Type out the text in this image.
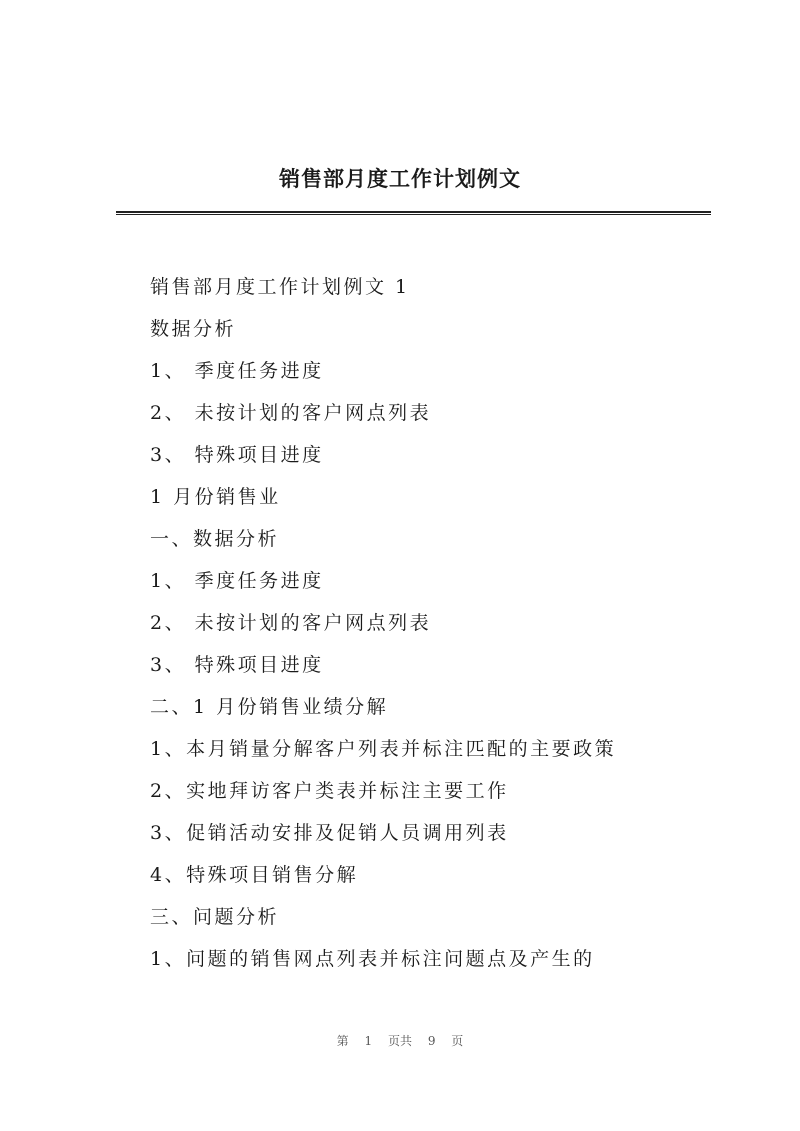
销售部月度工作计划例文
销售部月度工作计划例文 1
数据分析
1、 季度任务进度
2、 未按计划的客户网点列表
3、 特殊项目进度
1 月份销售业
一、数据分析
1、 季度任务进度
2、 未按计划的客户网点列表
3、 特殊项目进度
二、1 月份销售业绩分解
1、本月销量分解客户列表并标注匹配的主要政策
2、实地拜访客户类表并标注主要工作
3、促销活动安排及促销人员调用列表
4、特殊项目销售分解
三、问题分析
1、问题的销售网点列表并标注问题点及产生的
第 1 页共 9 页
